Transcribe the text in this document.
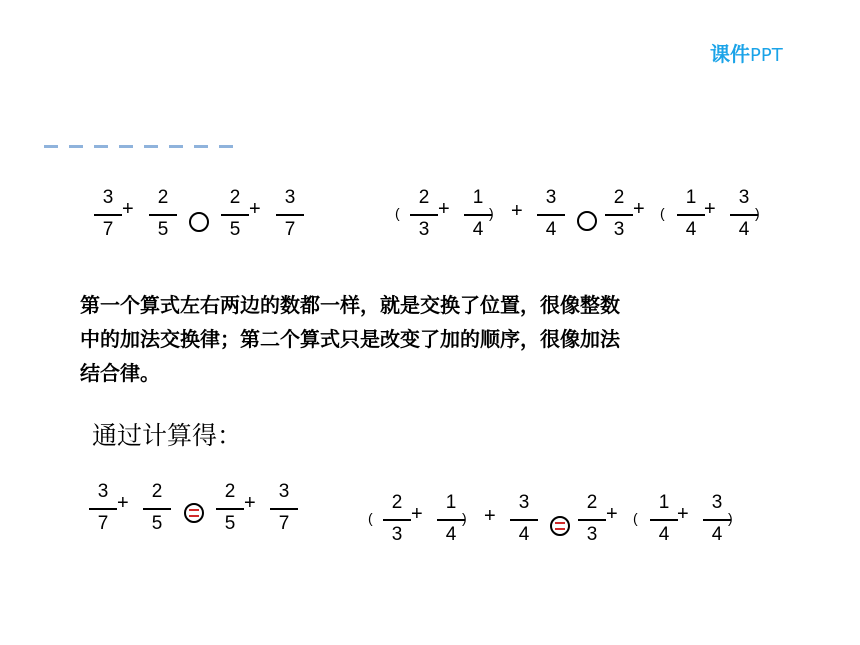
课件PPT
3
7
+
2
5
2
5
+
3
7
(
2
3
+
1
4
) +
3
4
2
3
+ (
1
4
+
3
4
)
第一个算式左右两边的数都一样，就是交换了位置，很像整数
中的加法交换律；第二个算式只是改变了加的顺序，很像加法
结合律。
通过计算得：
3
7
+
2
5
2
5
+
3
7	(
2
3
+
1
4
) +
3
4
2
3
+ (
1
4
+
3
4
)
